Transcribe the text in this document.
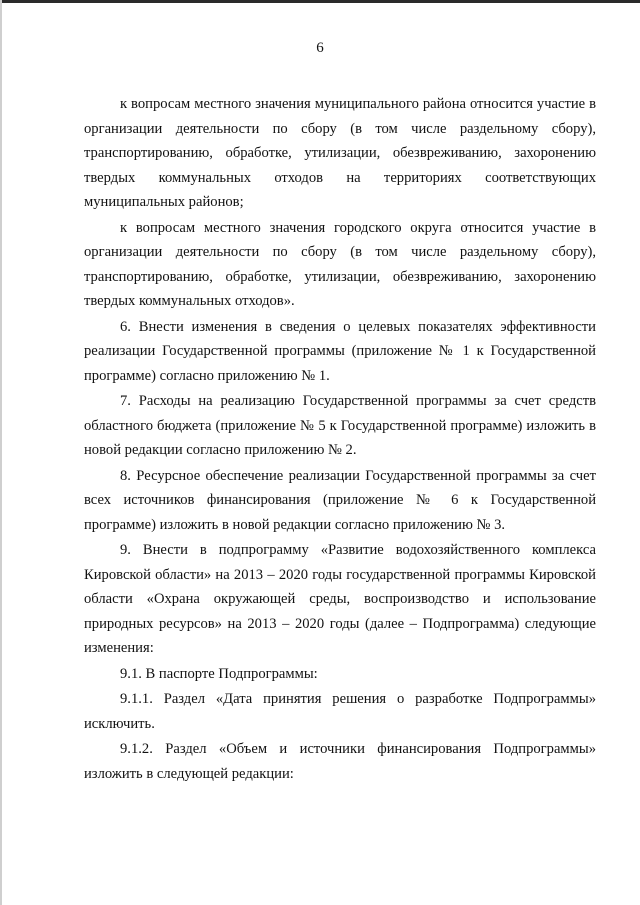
6

к вопросам местного значения муниципального района относится участие в организации деятельности по сбору (в том числе раздельному сбору), транспортированию, обработке, утилизации, обезвреживанию, захоронению твердых коммунальных отходов на территориях соответствующих муниципальных районов;

к вопросам местного значения городского округа относится участие в организации деятельности по сбору (в том числе раздельному сбору), транспортированию, обработке, утилизации, обезвреживанию, захоронению твердых коммунальных отходов».

6. Внести изменения в сведения о целевых показателях эффективности реализации Государственной программы (приложение № 1 к Государственной программе) согласно приложению № 1.

7. Расходы на реализацию Государственной программы за счет средств областного бюджета (приложение № 5 к Государственной программе) изложить в новой редакции согласно приложению № 2.

8. Ресурсное обеспечение реализации Государственной программы за счет всех источников финансирования (приложение № 6 к Государственной программе) изложить в новой редакции согласно приложению № 3.

9. Внести в подпрограмму «Развитие водохозяйственного комплекса Кировской области» на 2013 – 2020 годы государственной программы Кировской области «Охрана окружающей среды, воспроизводство и использование природных ресурсов» на 2013 – 2020 годы (далее – Подпрограмма) следующие изменения:

9.1. В паспорте Подпрограммы:

9.1.1. Раздел «Дата принятия решения о разработке Подпрограммы» исключить.

9.1.2. Раздел «Объем и источники финансирования Подпрограммы» изложить в следующей редакции:
